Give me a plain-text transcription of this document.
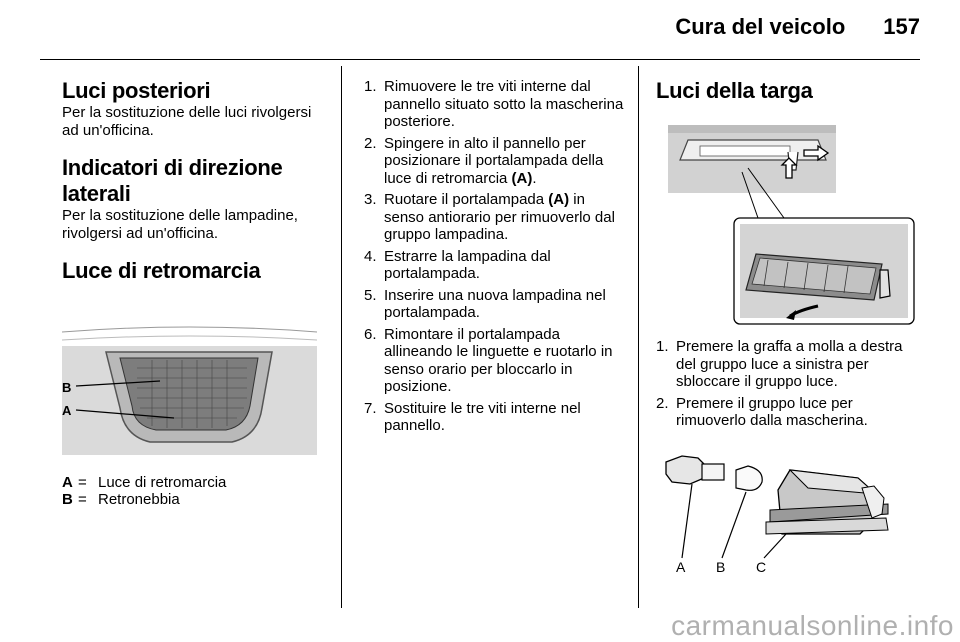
Cura del veicolo 157
Luci posteriori

Per la sostituzione delle luci rivolgersi ad un'officina.

Indicatori di direzione laterali

Per la sostituzione delle lampadine, rivolgersi ad un'officina.

Luce di retromarcia
B
A
A = Luce di retromarcia
B = Retronebbia
1. Rimuovere le tre viti interne dal pannello situato sotto la mascherina posteriore.
2. Spingere in alto il pannello per posizionare il portalampada della luce di retromarcia (A).
3. Ruotare il portalampada (A) in senso antiorario per rimuoverlo dal gruppo lampadina.
4. Estrarre la lampadina dal portalampada.
5. Inserire una nuova lampadina nel portalampada.
6. Rimontare il portalampada allineando le linguette e ruotarlo in senso orario per bloccarlo in posizione.
7. Sostituire le tre viti interne nel pannello.
Luci della targa
1. Premere la graffa a molla a destra del gruppo luce a sinistra per sbloccare il gruppo luce.
2. Premere il gruppo luce per rimuoverlo dalla mascherina.
A B C
carmanualsonline.info
